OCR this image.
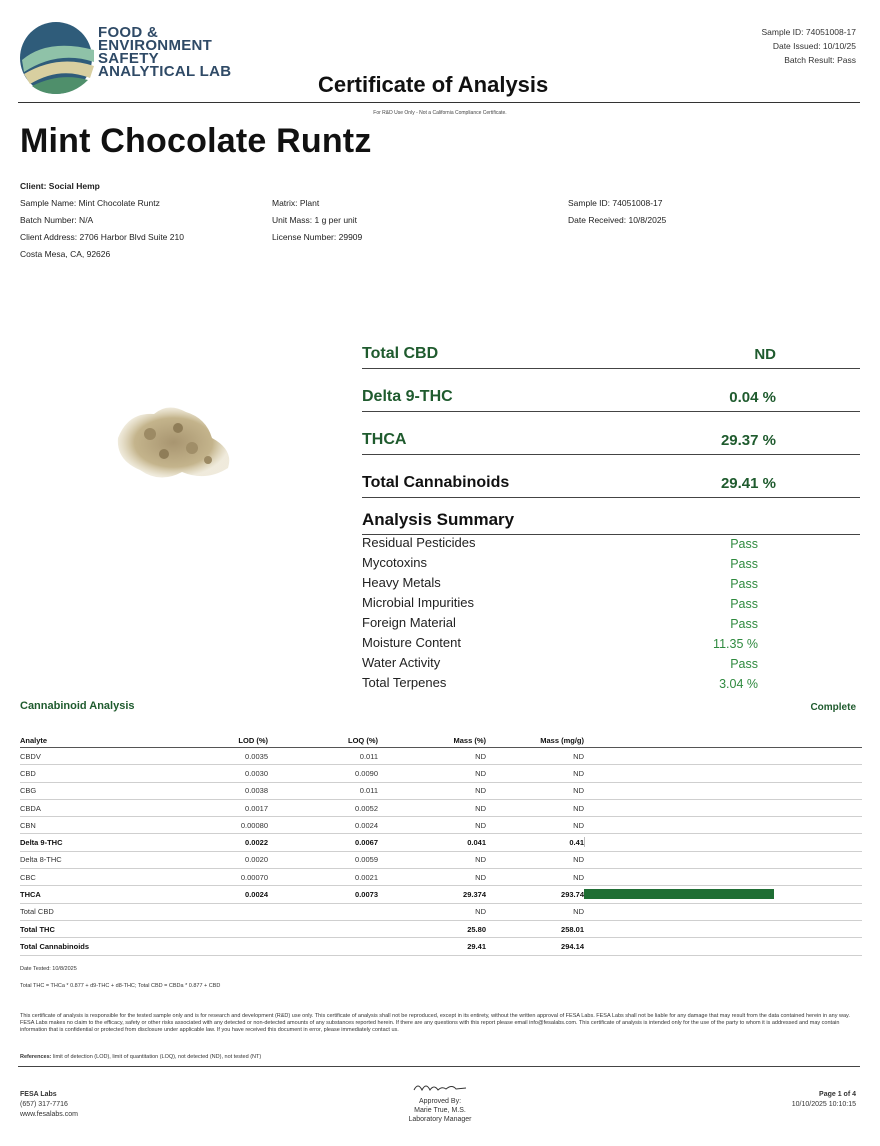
FOOD &
ENVIRONMENT
SAFETY
ANALYTICAL LAB
Sample ID: 74051008-17
Date Issued: 10/10/25
Batch Result: Pass
Certificate of Analysis
For R&D Use Only - Not a California Compliance Certificate.
Mint Chocolate Runtz
Client: Social Hemp
Sample Name: Mint Chocolate Runtz
Batch Number: N/A
Client Address: 2706 Harbor Blvd Suite 210
Costa Mesa, CA, 92626
Matrix: Plant
Unit Mass: 1 g per unit
License Number: 29909
Sample ID: 74051008-17
Date Received: 10/8/2025
Total CBD	ND
Delta 9-THC	0.04 %
THCA	29.37 %
Total Cannabinoids	29.41 %
Analysis Summary
Residual Pesticides	Pass
Mycotoxins	Pass
Heavy Metals	Pass
Microbial Impurities	Pass
Foreign Material	Pass
Moisture Content	11.35 %
Water Activity	Pass
Total Terpenes	3.04 %
Cannabinoid Analysis	Complete
Analyte	LOD (%)	LOQ (%)	Mass (%)	Mass (mg/g)	
CBDV	0.0035	0.011	ND	ND	
CBD	0.0030	0.0090	ND	ND	
CBG	0.0038	0.011	ND	ND	
CBDA	0.0017	0.0052	ND	ND	
CBN	0.00080	0.0024	ND	ND	
Delta 9-THC	0.0022	0.0067	0.041	0.41	

Delta 8-THC	0.0020	0.0059	ND	ND	
CBC	0.00070	0.0021	ND	ND	
THCA	0.0024	0.0073	29.374	293.74	

Total CBD			ND	ND	
Total THC			25.80	258.01	
Total Cannabinoids			29.41	294.14	
Date Tested: 10/8/2025
Total THC = THCa * 0.877 + d9-THC + d8-THC; Total CBD = CBDa * 0.877 + CBD
This certificate of analysis is responsible for the tested sample only and is for research and development (R&D) use only. This certificate of analysis shall not be reproduced, except in its entirety, without the written approval of FESA Labs. FESA Labs shall not be liable for any damage that may result from the data contained herein in any way. FESA Labs makes no claim to the efficacy, safety or other risks associated with any detected or non-detected amounts of any substances reported herein. If there are any questions with this report please email info@fesalabs.com. This certificate of analysis is intended only for the use of the party to whom it is addressed and may contain information that is confidential or protected from disclosure under applicable law. If you have received this document in error, please immediately contact us.
References: limit of detection (LOD), limit of quantitation (LOQ), not detected (ND), not tested (NT)
FESA Labs
(657) 317-7716
www.fesalabs.com
Approved By:
Marie True, M.S.
Laboratory Manager
Page 1 of 4
10/10/2025 10:10:15
